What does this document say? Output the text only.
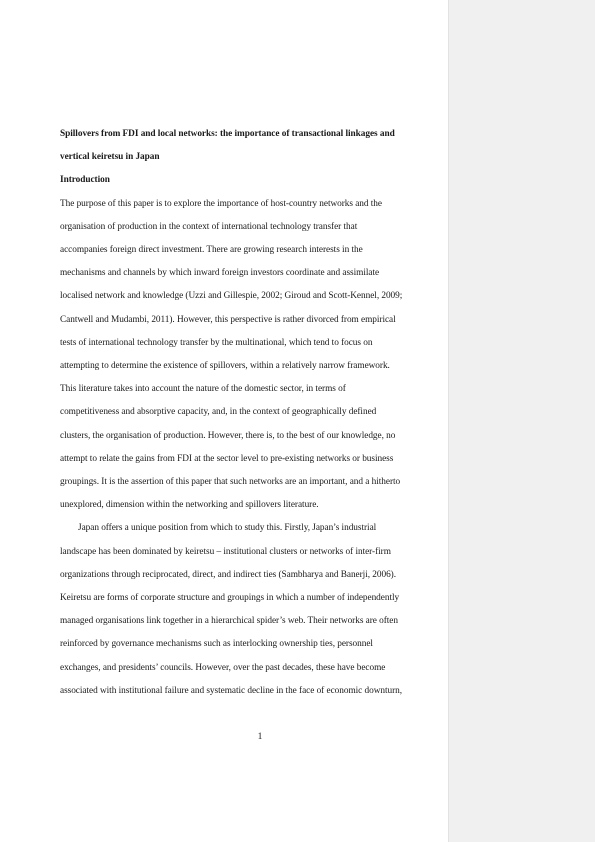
Spillovers from FDI and local networks: the importance of transactional linkages and
vertical keiretsu in Japan
Introduction
The purpose of this paper is to explore the importance of host-country networks and the
organisation of production in the context of international technology transfer that
accompanies foreign direct investment. There are growing research interests in the
mechanisms and channels by which inward foreign investors coordinate and assimilate
localised network and knowledge (Uzzi and Gillespie, 2002; Giroud and Scott-Kennel, 2009;
Cantwell and Mudambi, 2011). However, this perspective is rather divorced from empirical
tests of international technology transfer by the multinational, which tend to focus on
attempting to determine the existence of spillovers, within a relatively narrow framework.
This literature takes into account the nature of the domestic sector, in terms of
competitiveness and absorptive capacity, and, in the context of geographically defined
clusters, the organisation of production. However, there is, to the best of our knowledge, no
attempt to relate the gains from FDI at the sector level to pre-existing networks or business
groupings. It is the assertion of this paper that such networks are an important, and a hitherto
unexplored, dimension within the networking and spillovers literature.
Japan offers a unique position from which to study this. Firstly, Japan’s industrial
landscape has been dominated by keiretsu – institutional clusters or networks of inter-firm
organizations through reciprocated, direct, and indirect ties (Sambharya and Banerji, 2006).
Keiretsu are forms of corporate structure and groupings in which a number of independently
managed organisations link together in a hierarchical spider’s web. Their networks are often
reinforced by governance mechanisms such as interlocking ownership ties, personnel
exchanges, and presidents’ councils. However, over the past decades, these have become
associated with institutional failure and systematic decline in the face of economic downturn,
1
